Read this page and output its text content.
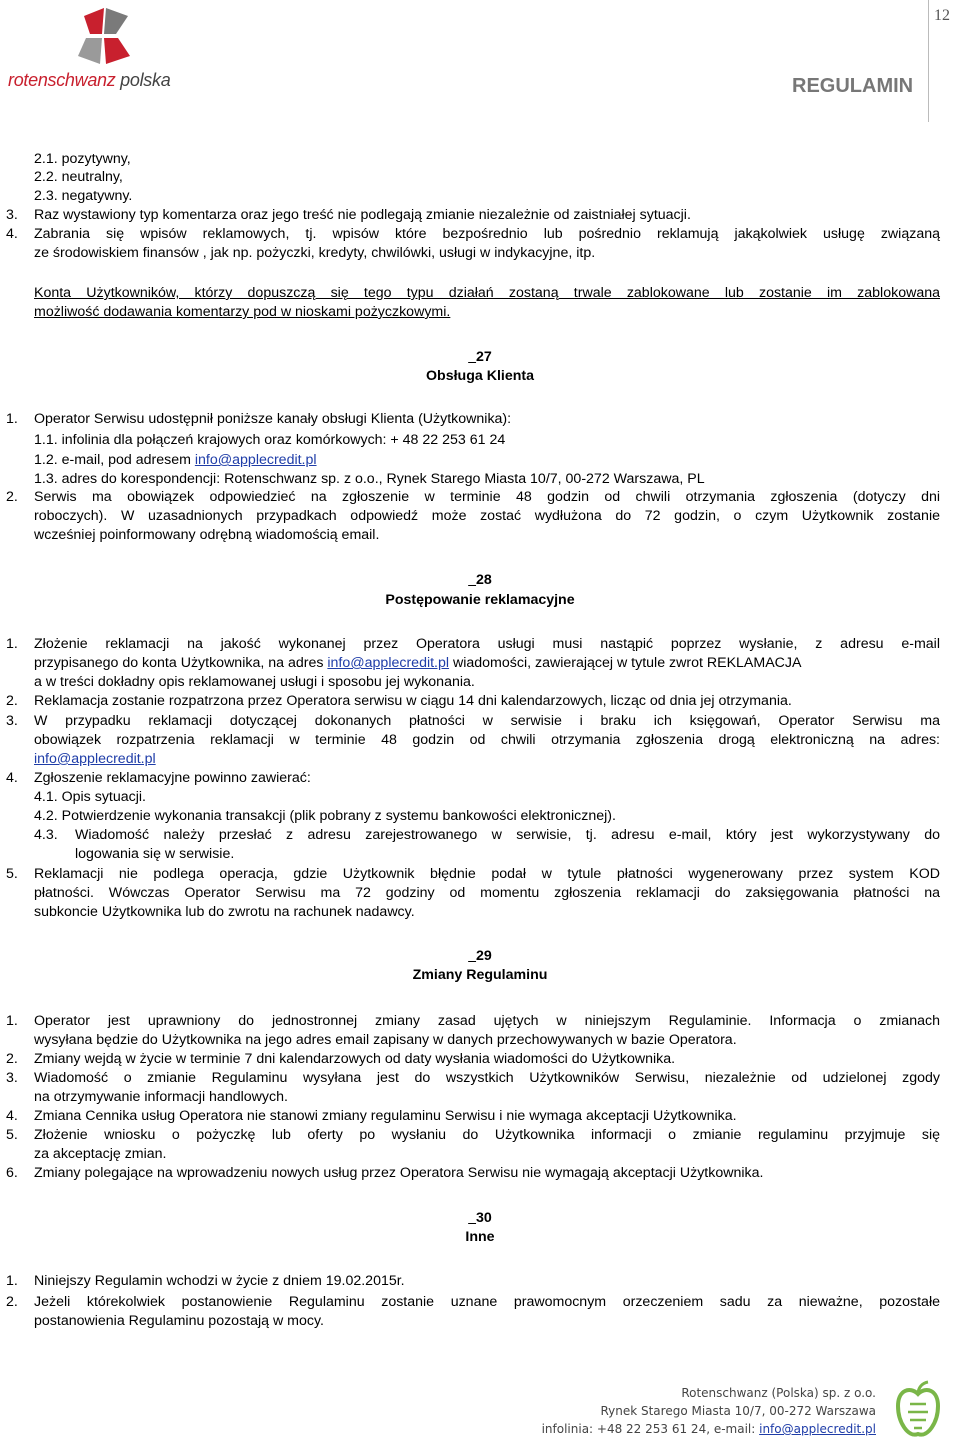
rotenschwanz polska
12
REGULAMIN
2.1. pozytywny,
2.2. neutralny,
2.3. negatywny.
3. Raz wystawiony typ komentarza oraz jego treść nie podlegają zmianie niezależnie od zaistniałej sytuacji.
4. Zabrania się wpisów reklamowych, tj. wpisów które bezpośrednio lub pośrednio reklamują jakąkolwiek usługę związaną
ze środowiskiem finansów , jak np. pożyczki, kredyty, chwilówki, usługi w indykacyjne, itp.
Konta Użytkowników, którzy dopuszczą się tego typu działań zostaną trwale zablokowane lub zostanie im zablokowana
możliwość dodawania komentarzy pod w nioskami pożyczkowymi.
27
Obsługa Klienta
1. Operator Serwisu udostępnił poniższe kanały obsługi Klienta (Użytkownika):
1.1. infolinia dla połączeń krajowych oraz komórkowych: + 48 22 253 61 24
1.2. e-mail, pod adresem info@applecredit.pl
1.3. adres do korespondencji: Rotenschwanz sp. z o.o., Rynek Starego Miasta 10/7, 00-272 Warszawa, PL
2. Serwis ma obowiązek odpowiedzieć na zgłoszenie w terminie 48 godzin od chwili otrzymania zgłoszenia (dotyczy dni
roboczych). W uzasadnionych przypadkach odpowiedź może zostać wydłużona do 72 godzin, o czym Użytkownik zostanie
wcześniej poinformowany odrębną wiadomością email.
28
Postępowanie reklamacyjne
1. Złożenie reklamacji na jakość wykonanej przez Operatora usługi musi nastąpić poprzez wysłanie, z adresu e-mail
przypisanego do konta Użytkownika, na adres info@applecredit.pl wiadomości, zawierającej w tytule zwrot REKLAMACJA
a w treści dokładny opis reklamowanej usługi i sposobu jej wykonania.
2. Reklamacja zostanie rozpatrzona przez Operatora serwisu w ciągu 14 dni kalendarzowych, licząc od dnia jej otrzymania.
3. W przypadku reklamacji dotyczącej dokonanych płatności w serwisie i braku ich księgowań, Operator Serwisu ma
obowiązek rozpatrzenia reklamacji w terminie 48 godzin od chwili otrzymania zgłoszenia drogą elektroniczną na adres:
info@applecredit.pl
4. Zgłoszenie reklamacyjne powinno zawierać:
4.1. Opis sytuacji.
4.2. Potwierdzenie wykonania transakcji (plik pobrany z systemu bankowości elektronicznej).
4.3. Wiadomość należy przesłać z adresu zarejestrowanego w serwisie, tj. adresu e-mail, który jest wykorzystywany do
logowania się w serwisie.
5. Reklamacji nie podlega operacja, gdzie Użytkownik błędnie podał w tytule płatności wygenerowany przez system KOD
płatności. Wówczas Operator Serwisu ma 72 godziny od momentu zgłoszenia reklamacji do zaksięgowania płatności na
subkoncie Użytkownika lub do zwrotu na rachunek nadawcy.
29
Zmiany Regulaminu
1. Operator jest uprawniony do jednostronnej zmiany zasad ujętych w niniejszym Regulaminie. Informacja o zmianach
wysyłana będzie do Użytkownika na jego adres email zapisany w danych przechowywanych w bazie Operatora.
2. Zmiany wejdą w życie w terminie 7 dni kalendarzowych od daty wysłania wiadomości do Użytkownika.
3. Wiadomość o zmianie Regulaminu wysyłana jest do wszystkich Użytkowników Serwisu, niezależnie od udzielonej zgody
na otrzymywanie informacji handlowych.
4. Zmiana Cennika usług Operatora nie stanowi zmiany regulaminu Serwisu i nie wymaga akceptacji Użytkownika.
5. Złożenie wniosku o pożyczkę lub oferty po wysłaniu do Użytkownika informacji o zmianie regulaminu przyjmuje się
za akceptację zmian.
6. Zmiany polegające na wprowadzeniu nowych usług przez Operatora Serwisu nie wymagają akceptacji Użytkownika.
30
Inne
1. Niniejszy Regulamin wchodzi w życie z dniem 19.02.2015r.
2. Jeżeli którekolwiek postanowienie Regulaminu zostanie uznane prawomocnym orzeczeniem sadu za nieważne, pozostałe
postanowienia Regulaminu pozostają w mocy.
Rotenschwanz (Polska) sp. z o.o.
Rynek Starego Miasta 10/7, 00-272 Warszawa
infolinia: +48 22 253 61 24, e-mail: info@applecredit.pl
